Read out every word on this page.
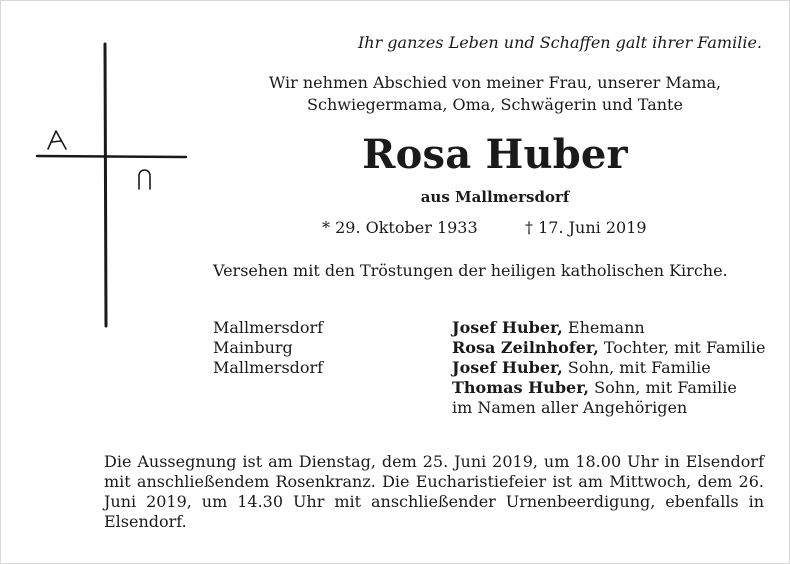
Ihr ganzes Leben und Schaffen galt ihrer Familie.
Wir nehmen Abschied von meiner Frau, unserer Mama,
Schwiegermama, Oma, Schwägerin und Tante
Rosa Huber
aus Mallmersdorf
* 29. Oktober 1933	† 17. Juni 2019
Versehen mit den Tröstungen der heiligen katholischen Kirche.
Mallmersdorf	Josef Huber, Ehemann
Mainburg	Rosa Zeilnhofer, Tochter, mit Familie
Mallmersdorf	Josef Huber, Sohn, mit Familie
Thomas Huber, Sohn, mit Familie
im Namen aller Angehörigen
Die Aussegnung ist am Dienstag, dem 25. Juni 2019, um 18.00 Uhr in Elsendorf mit anschließendem Rosenkranz. Die Eucharistiefeier ist am Mittwoch, dem 26. Juni 2019, um 14.30 Uhr mit anschließender Urnenbeerdigung, ebenfalls in Elsendorf.
